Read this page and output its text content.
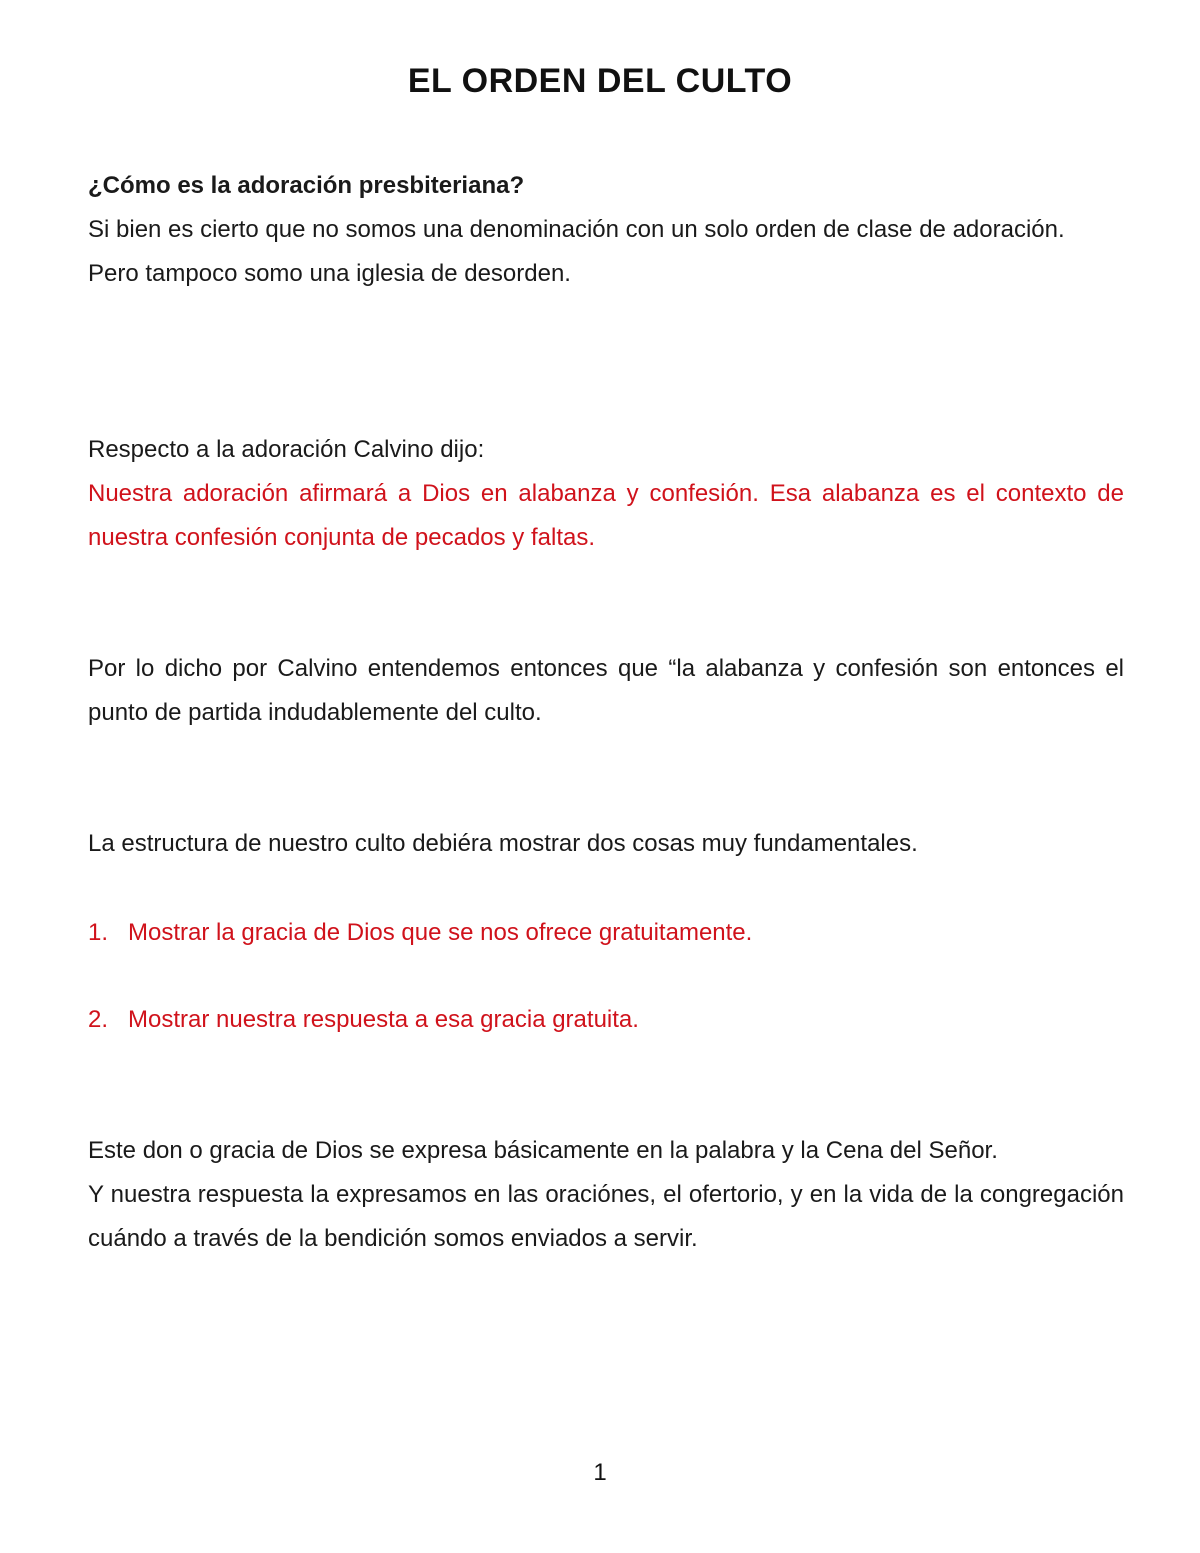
EL ORDEN DEL CULTO

¿Cómo es la adoración presbiteriana?

Si bien es cierto que no somos una denominación con un solo orden de clase de adoración.

Pero tampoco somo una iglesia de desorden.

Respecto a la adoración Calvino dijo:

Nuestra adoración afirmará a Dios en alabanza y confesión. Esa alabanza es el contexto de nuestra confesión conjunta de pecados y faltas.

Por lo dicho por Calvino entendemos entonces que “la alabanza y confesión son entonces el punto de partida indudablemente del culto.

La estructura de nuestro culto debiéra mostrar dos cosas muy fundamentales.

1. Mostrar la gracia de Dios que se nos ofrece gratuitamente.
2. Mostrar nuestra respuesta a esa gracia gratuita.

Este don o gracia de Dios se expresa básicamente en la palabra y la Cena del Señor.

Y nuestra respuesta la expresamos en las oraciónes, el ofertorio, y en la vida de la congregación cuándo a través de la bendición somos enviados a servir.

1
